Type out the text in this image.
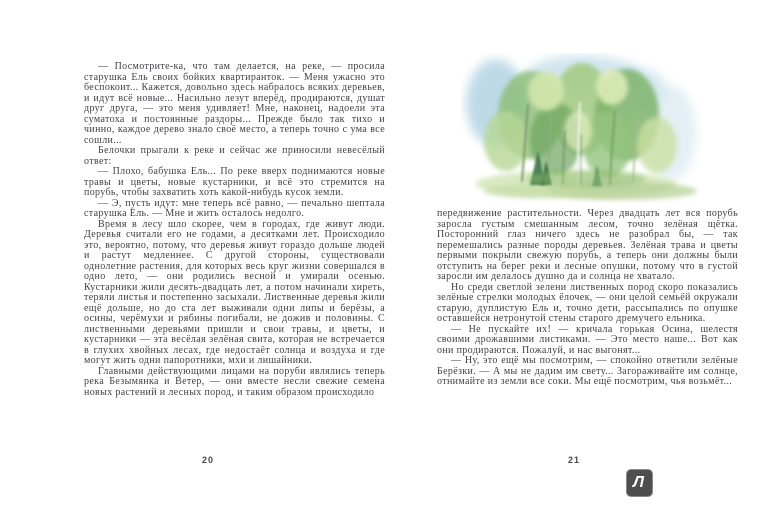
— Посмотрите-ка, что там делается, на реке, — просила старушка Ель своих бойких квартиранток. — Меня ужасно это беспокоит... Кажется, довольно здесь набралось всяких деревьев, и идут всё новые... Насильно лезут вперёд, продираются, душат друг друга, — это меня удивляет! Мне, наконец, надоели эта суматоха и постоянные раздоры... Прежде было так тихо и чинно, каждое дерево знало своё место, а теперь точно с ума все сошли...

Белочки прыгали к реке и сейчас же приносили невесёлый ответ:

— Плохо, бабушка Ель... По реке вверх поднимаются новые травы и цветы, новые кустарники, и всё это стремится на порубь, чтобы захватить хоть какой-нибудь кусок земли.

— Э, пусть идут: мне теперь всё равно, — печально шептала старушка Ель. — Мне и жить осталось недолго.

Время в лесу шло скорее, чем в городах, где живут люди. Деревья считали его не годами, а десятками лет. Происходило это, вероятно, потому, что деревья живут гораздо дольше людей и растут медленнее. С другой стороны, существовали однолетние растения, для которых весь круг жизни совершался в одно лето, — они родились весной и умирали осенью. Кустарники жили десять-двадцать лет, а потом начинали хиреть, теряли листья и постепенно засыхали. Лиственные деревья жили ещё дольше, но до ста лет выживали одни липы и берёзы, а осины, черёмухи и рябины погибали, не дожив и половины. С лиственными деревьями пришли и свои травы, и цветы, и кустарники — эта весёлая зелёная свита, которая не встречается в глухих хвойных лесах, где недостаёт солнца и воздуха и где могут жить одни папоротники, мхи и лишайники.

Главными действующими лицами на поруби являлись теперь река Безымянка и Ветер, — они вместе несли свежие семена новых растений и лесных пород, и таким образом происходило

20

передвижение растительности. Через двадцать лет вся порубь заросла густым смешанным лесом, точно зелёная щётка. Посторонний глаз ничего здесь не разобрал бы, — так перемешались разные породы деревьев. Зелёная трава и цветы первыми покрыли свежую порубь, а теперь они должны были отступить на берег реки и лесные опушки, потому что в густой заросли им делалось душно да и солнца не хватало.

Но среди светлой зелени лиственных пород скоро показались зелёные стрелки молодых ёлочек, — они целой семьёй окружали старую, дуплистую Ель и, точно дети, рассыпались по опушке оставшейся нетронутой стены старого дремучего ельника.

— Не пускайте их! — кричала горькая Осина, шелестя своими дрожавшими листиками. — Это место наше... Вот как они продираются. Пожалуй, и нас выгонят...

— Ну, это ещё мы посмотрим, — спокойно ответили зелёные Берёзки. — А мы не дадим им свету... Загораживайте им солнце, отнимайте из земли все соки. Мы ещё посмотрим, чья возьмёт...

21
Л
